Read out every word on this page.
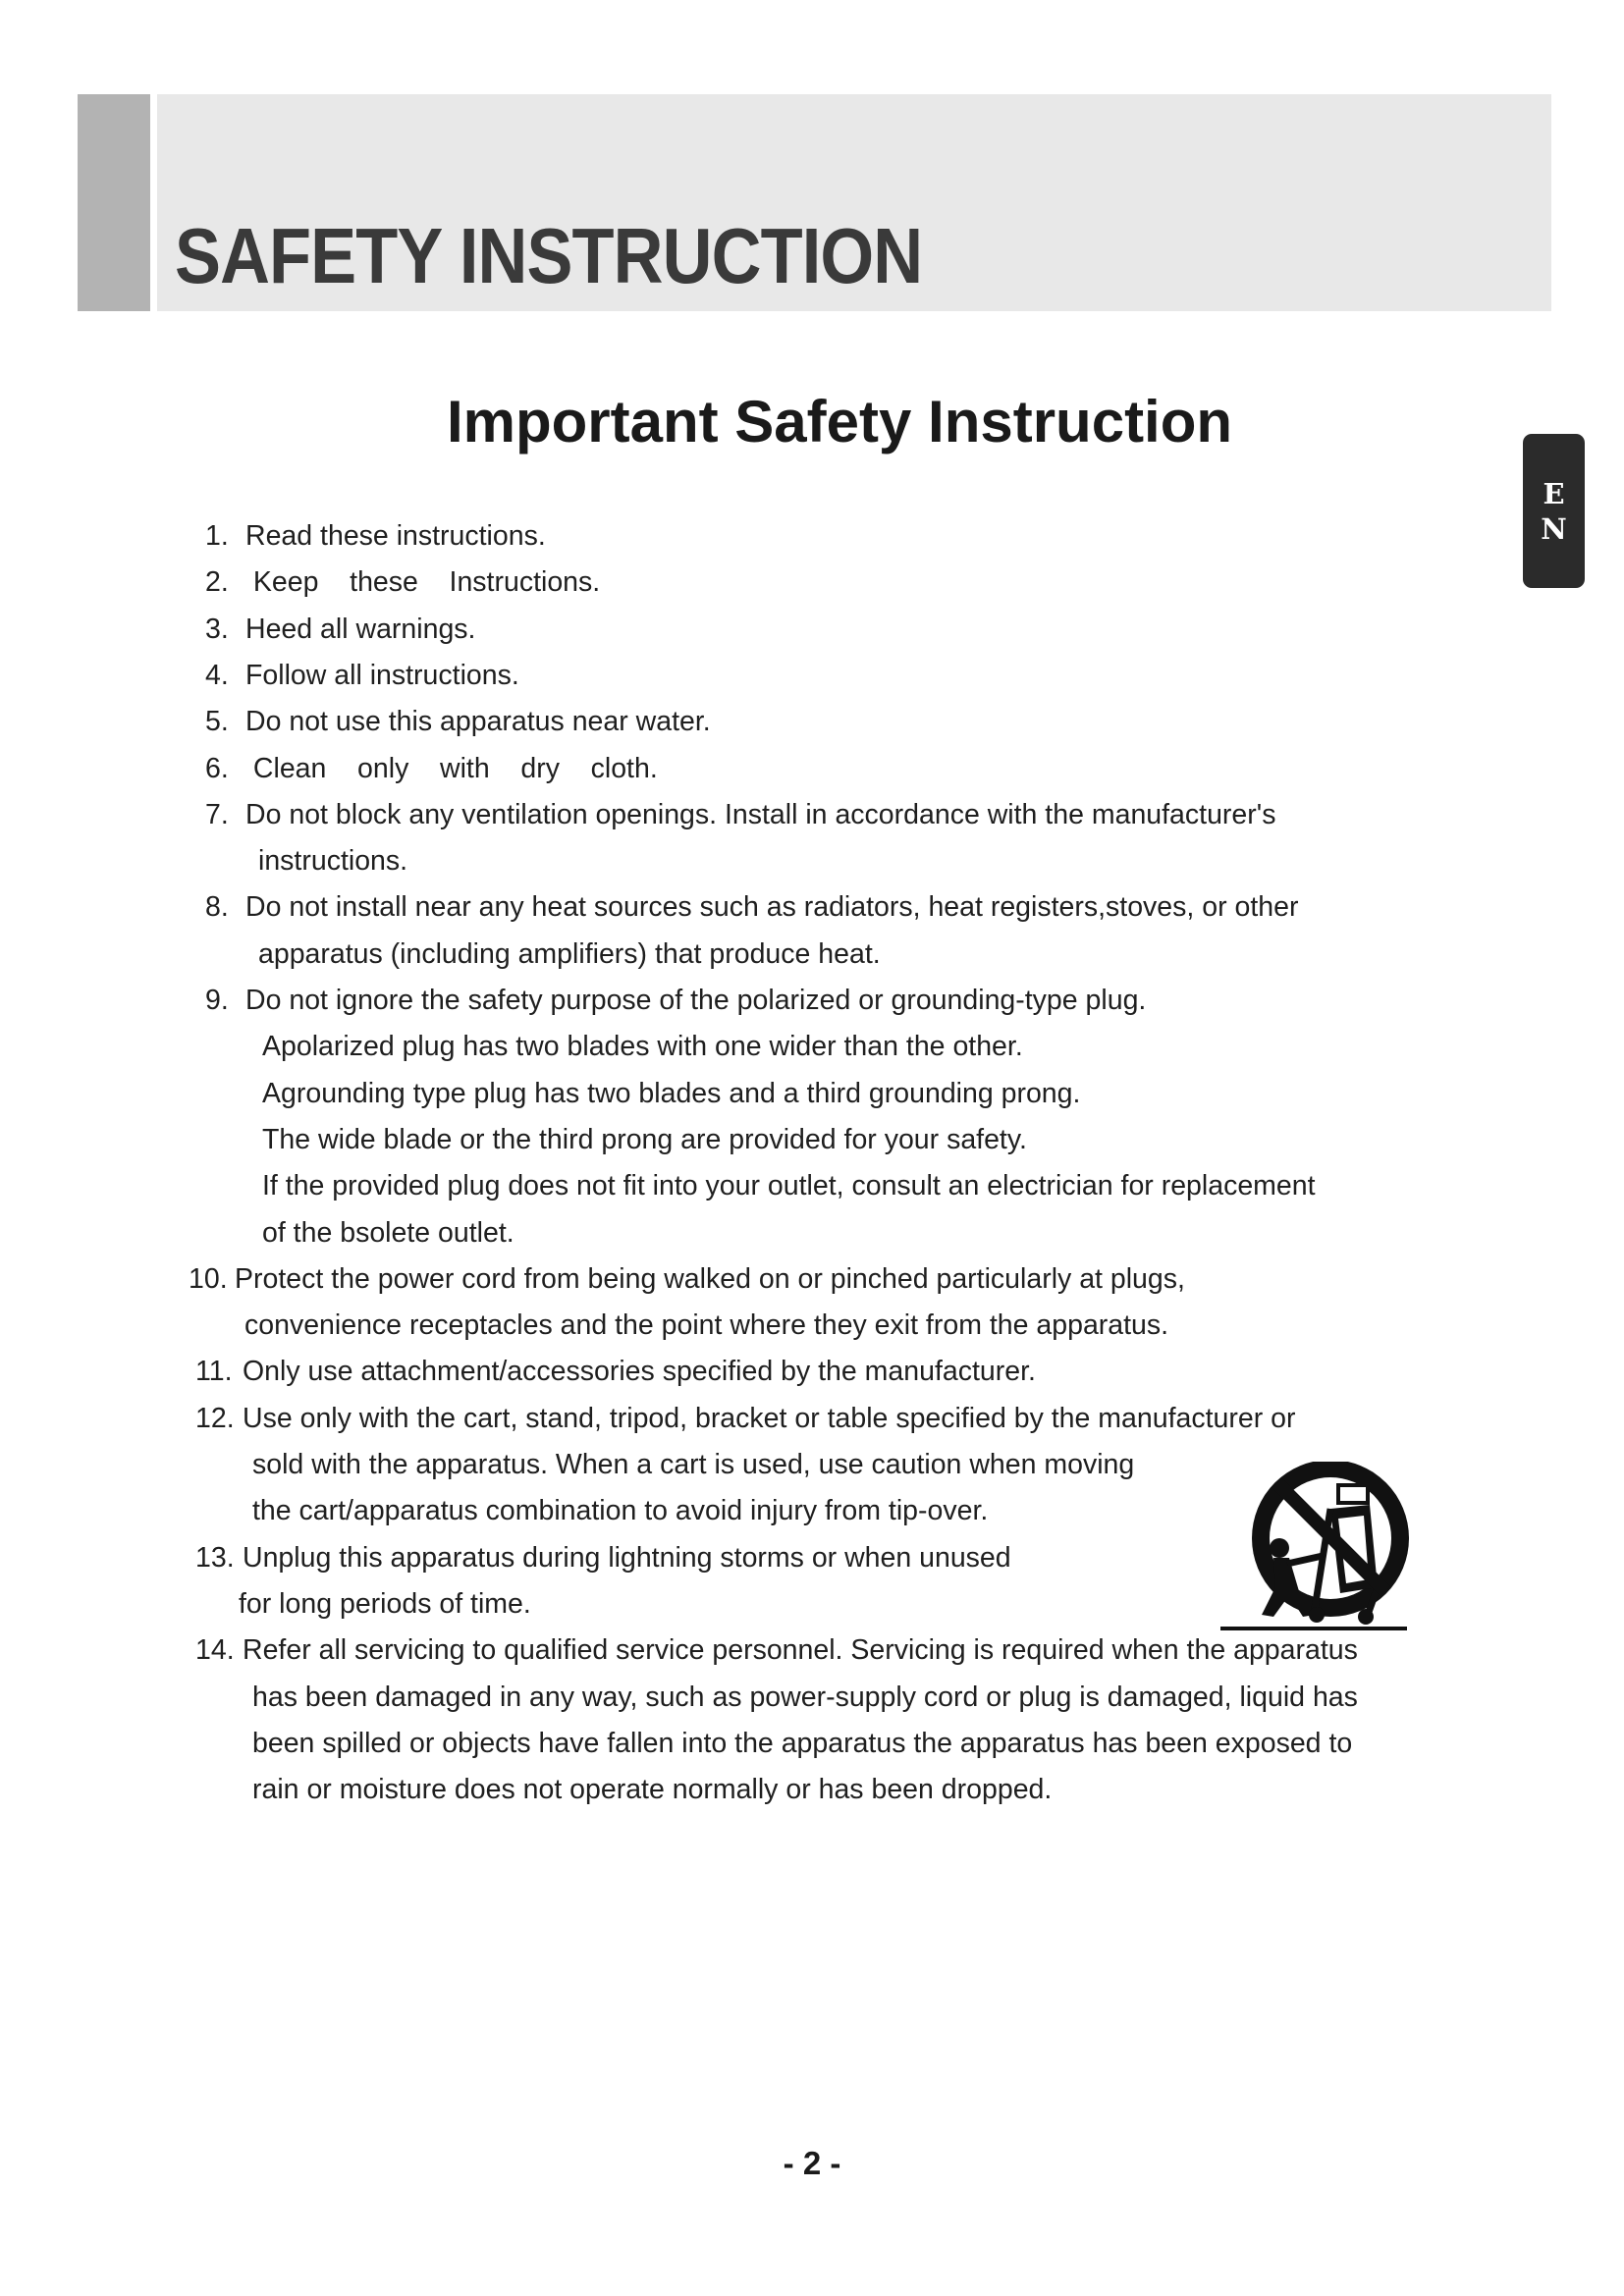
SAFETY INSTRUCTION
Important Safety Instruction
E
N
1. Read these instructions.
2. Keep    these    Instructions.
3. Heed all warnings.
4. Follow all instructions.
5. Do not use this apparatus near water.
6. Clean    only    with    dry    cloth.
7. Do not block any ventilation openings. Install in accordance with the manufacturer's
instructions.
8. Do not install near any heat sources such as radiators, heat registers,stoves, or other
apparatus (including amplifiers) that produce heat.
9. Do not ignore the safety purpose of the polarized or grounding-type plug.
Apolarized plug has two blades with one wider than the other.
Agrounding type plug has two blades and a third grounding prong.
The wide blade or the third prong are provided for your safety.
If the provided plug does not fit into your outlet, consult an electrician for replacement
of the bsolete outlet.
10. Protect the power cord from being walked on or pinched particularly at plugs,
convenience receptacles and the point where they exit from the apparatus.
11. Only use attachment/accessories specified by the manufacturer.
12. Use only with the cart, stand, tripod, bracket or table specified by the manufacturer or
sold with the apparatus. When a cart is used, use caution when moving
the cart/apparatus combination to avoid injury from tip-over.
13. Unplug this apparatus during lightning storms or when unused
for long periods of time.
14. Refer all servicing to qualified service personnel. Servicing is required when the apparatus
has been damaged in any way, such as power-supply cord or plug is damaged, liquid has
been spilled or objects have fallen into the apparatus the apparatus has been exposed to
rain or moisture does not operate normally or has been dropped.
- 2 -
